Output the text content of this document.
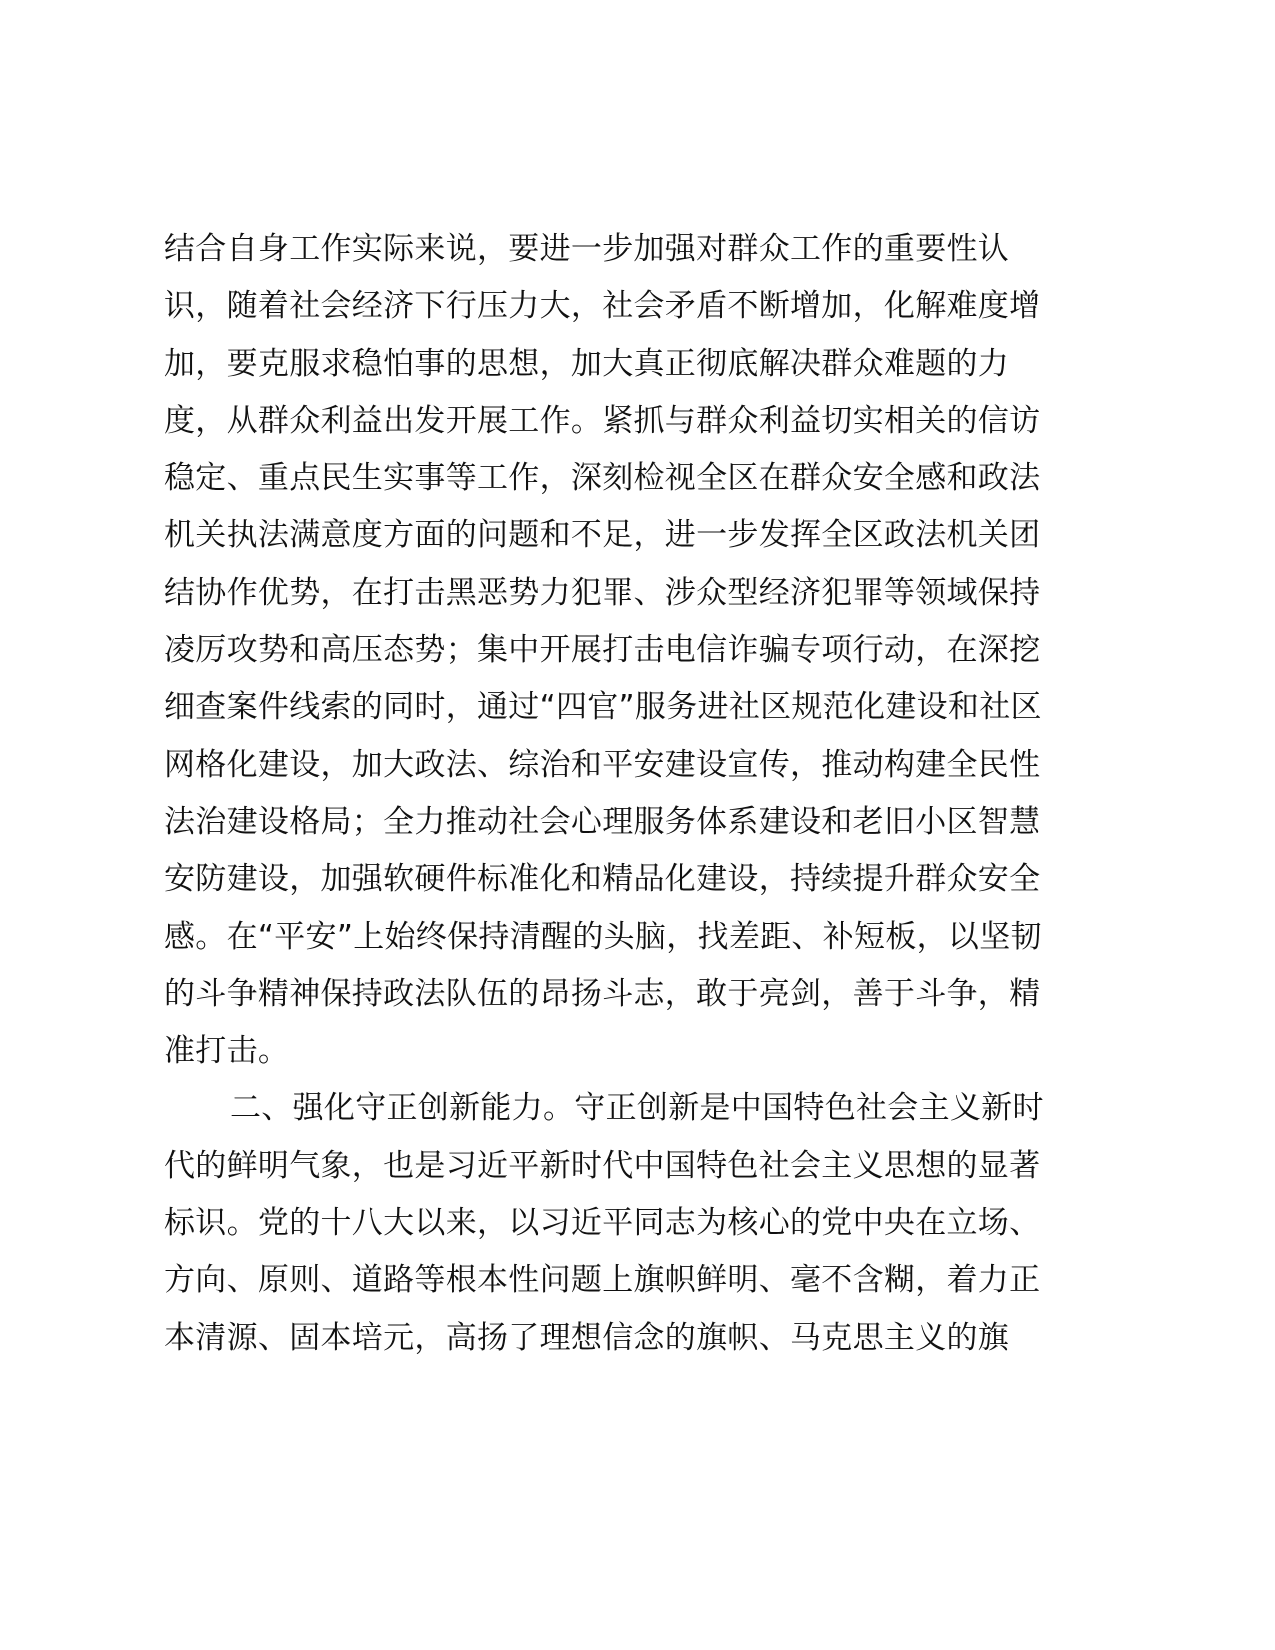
结合自身工作实际来说，要进一步加强对群众工作的重要性认
识，随着社会经济下行压力大，社会矛盾不断增加，化解难度增
加，要克服求稳怕事的思想，加大真正彻底解决群众难题的力
度，从群众利益出发开展工作。紧抓与群众利益切实相关的信访
稳定、重点民生实事等工作，深刻检视全区在群众安全感和政法
机关执法满意度方面的问题和不足，进一步发挥全区政法机关团
结协作优势，在打击黑恶势力犯罪、涉众型经济犯罪等领域保持
凌厉攻势和高压态势；集中开展打击电信诈骗专项行动，在深挖
细查案件线索的同时，通过“四官”服务进社区规范化建设和社区
网格化建设，加大政法、综治和平安建设宣传，推动构建全民性
法治建设格局；全力推动社会心理服务体系建设和老旧小区智慧
安防建设，加强软硬件标准化和精品化建设，持续提升群众安全
感。在“平安”上始终保持清醒的头脑，找差距、补短板，以坚韧
的斗争精神保持政法队伍的昂扬斗志，敢于亮剑，善于斗争，精
准打击。
二、强化守正创新能力。守正创新是中国特色社会主义新时
代的鲜明气象，也是习近平新时代中国特色社会主义思想的显著
标识。党的十八大以来，以习近平同志为核心的党中央在立场、
方向、原则、道路等根本性问题上旗帜鲜明、毫不含糊，着力正
本清源、固本培元，高扬了理想信念的旗帜、马克思主义的旗
